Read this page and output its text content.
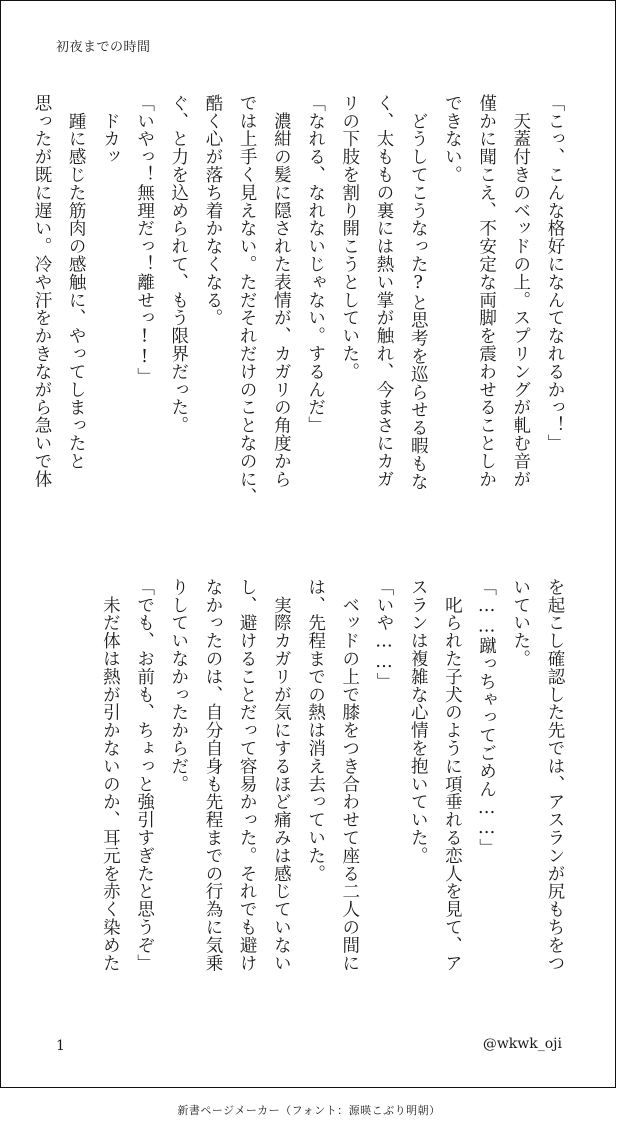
初夜までの時間

「こっ、こんな格好になんてなれるかっ！」

　天蓋付きのベッドの上。スプリングが軋む音が

僅かに聞こえ、不安定な両脚を震わせることしか

できない。

　どうしてこうなった?と思考を巡らせる暇もな

く、太ももの裏には熱い掌が触れ、今まさにカガ

リの下肢を割り開こうとしていた。

「なれる、なれないじゃない。するんだ」

　濃紺の髪に隠された表情が、カガリの角度から

では上手く見えない。ただそれだけのことなのに、

酷く心が落ち着かなくなる。

ぐ、と力を込められて、もう限界だった。

「いやっ！無理だっ！離せっ!!」

　ドカッ

　踵に感じた筋肉の感触に、やってしまったと

思ったが既に遅い。冷や汗をかきながら急いで体

を起こし確認した先では、アスランが尻もちをつ

いていた。

「……蹴っちゃってごめん……」

　叱られた子犬のように項垂れる恋人を見て、ア

スランは複雑な心情を抱いていた。

「いや……」

　ベッドの上で膝をつき合わせて座る二人の間に

は、先程までの熱は消え去っていた。

　実際カガリが気にするほど痛みは感じていない

し、避けることだって容易かった。それでも避け

なかったのは、自分自身も先程までの行為に気乗

りしていなかったからだ。

「でも、お前も、ちょっと強引すぎたと思うぞ」

　未だ体は熱が引かないのか、耳元を赤く染めた

1	@wkwk_oji
新書ページメーカー（フォント：源暎こぶり明朝）
